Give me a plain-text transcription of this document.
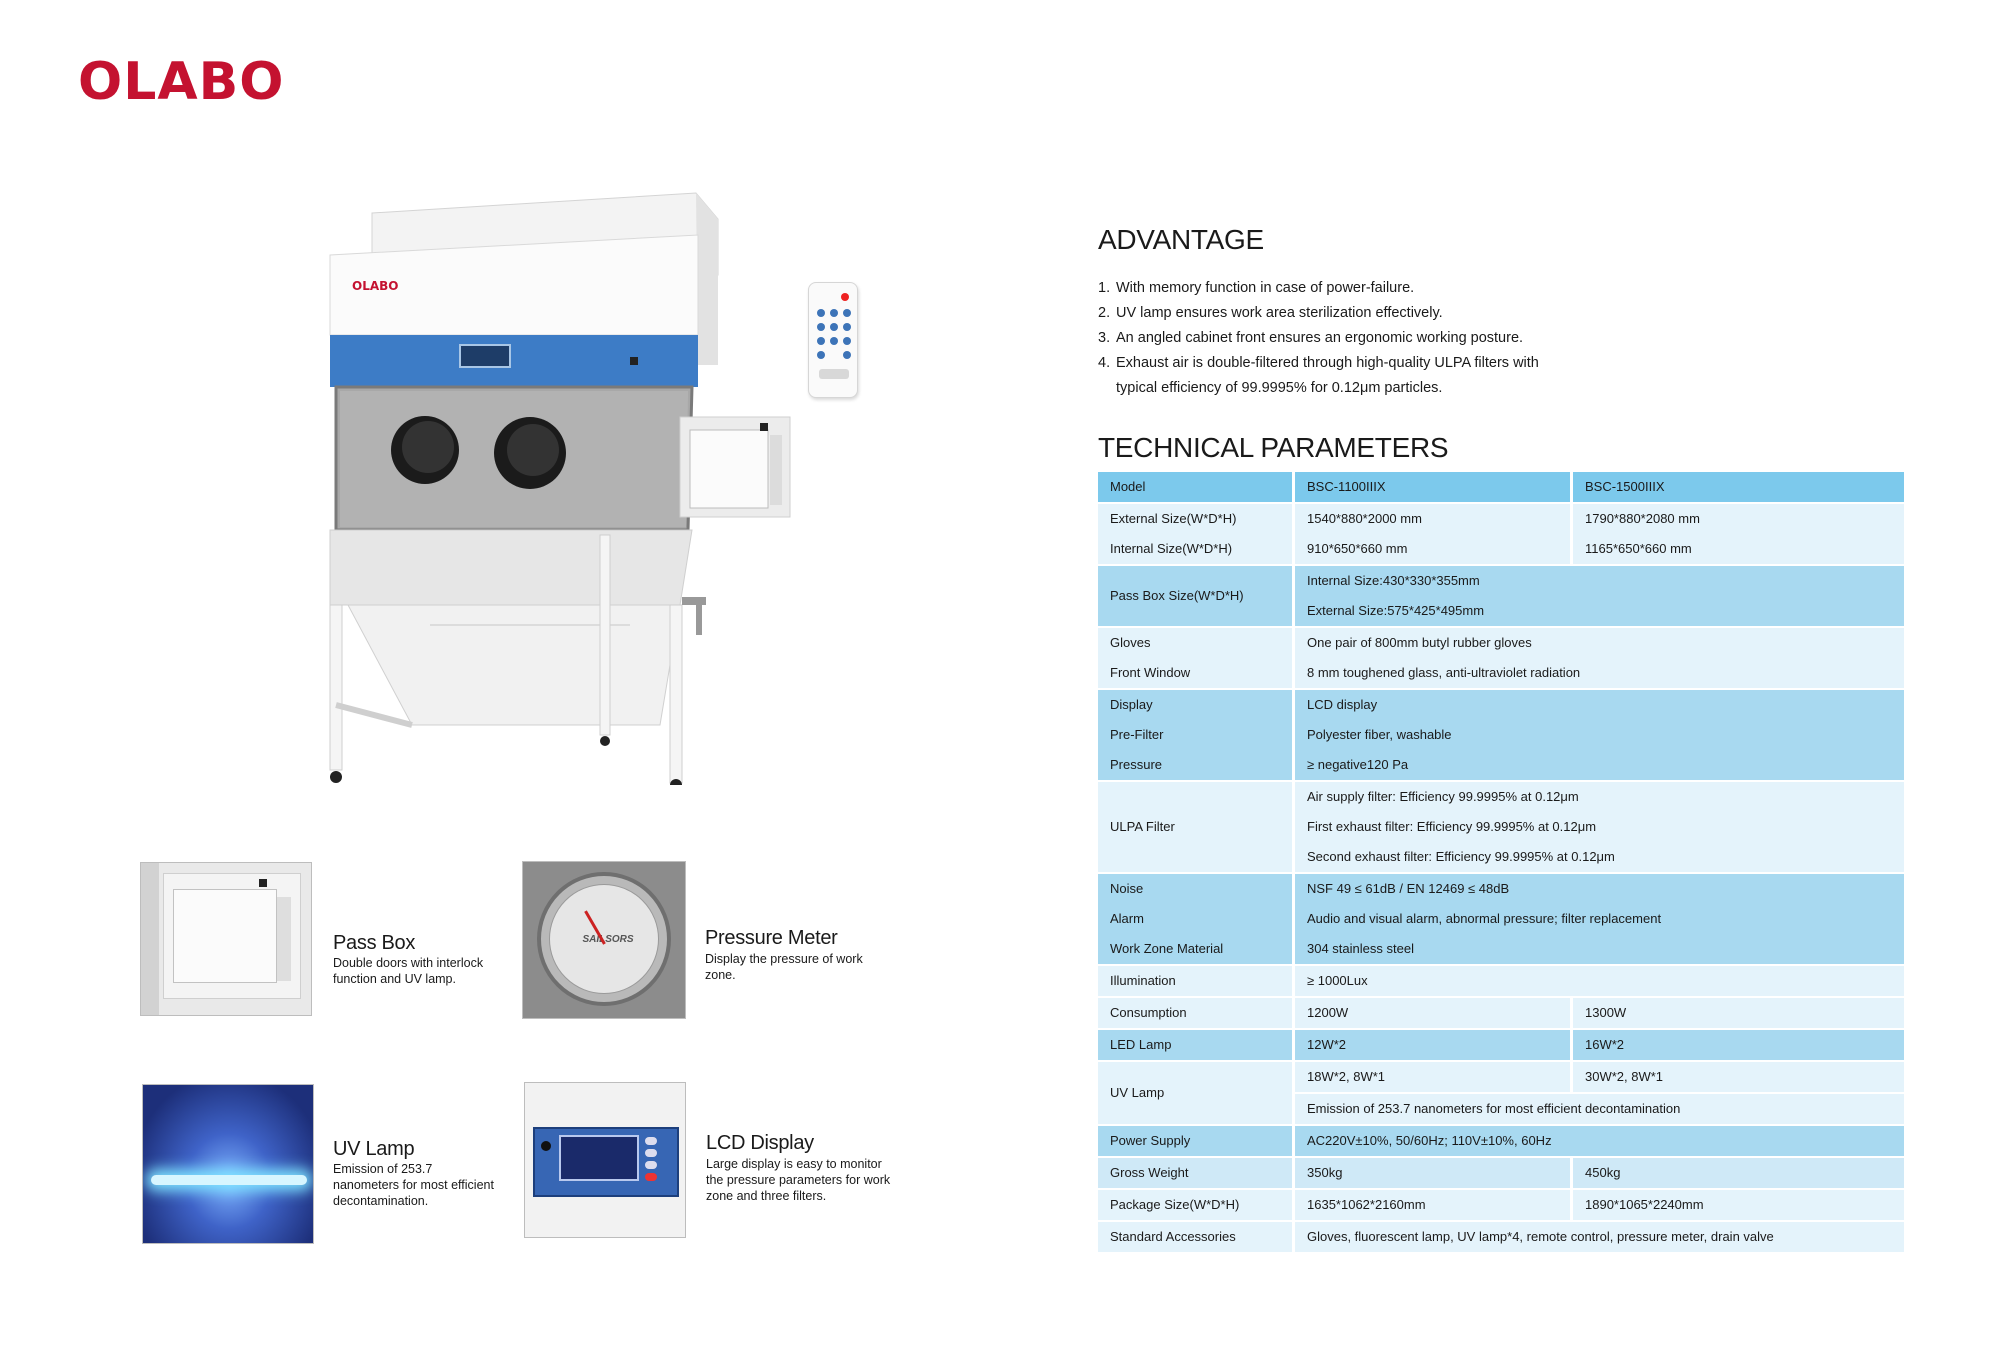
OLABO
OLABO
Pass Box
Double doors with interlock
function and UV lamp.
SAILSORS	Pressure Meter
Display the pressure of work
zone.
UV Lamp
Emission of 253.7
nanometers for most efficient
decontamination.
LCD Display
Large display is easy to monitor
the pressure parameters for work
zone and three filters.
ADVANTAGE
1. With memory function in case of power-failure.
2. UV lamp ensures work area sterilization effectively.
3. An angled cabinet front ensures an ergonomic working posture.
4. Exhaust air is double-filtered through high-quality ULPA filters with
typical efficiency of 99.9995% for 0.12μm particles.
TECHNICAL PARAMETERS
Model	BSC-1100IIIX	BSC-1500IIIX
External Size(W*D*H)	1540*880*2000 mm	1790*880*2080 mm
Internal Size(W*D*H)	910*650*660 mm	1165*650*660 mm
Pass Box Size(W*D*H)	Internal Size:430*330*355mm	
	External Size:575*425*495mm	
Gloves	One pair of 800mm butyl rubber gloves	
Front Window	8 mm toughened glass, anti-ultraviolet radiation	
Display	LCD display	
Pre-Filter	Polyester fiber, washable	
Pressure	≥ negative120 Pa	
ULPA Filter	Air supply filter: Efficiency 99.9995% at 0.12μm	
	First exhaust filter: Efficiency 99.9995% at 0.12μm	
	Second exhaust filter: Efficiency 99.9995% at 0.12μm	
Noise	NSF 49 ≤ 61dB / EN 12469 ≤ 48dB	
Alarm	Audio and visual alarm, abnormal pressure; filter replacement	
Work Zone Material	304 stainless steel	
Illumination	≥ 1000Lux	
Consumption	1200W	1300W
LED Lamp	12W*2	16W*2
UV Lamp	18W*2, 8W*1	30W*2, 8W*1
	Emission of 253.7 nanometers for most efficient decontamination	
Power Supply	AC220V±10%, 50/60Hz; 110V±10%, 60Hz	
Gross Weight	350kg	450kg
Package Size(W*D*H)	1635*1062*2160mm	1890*1065*2240mm
Standard Accessories	Gloves, fluorescent lamp, UV lamp*4, remote control, pressure meter, drain valve	
